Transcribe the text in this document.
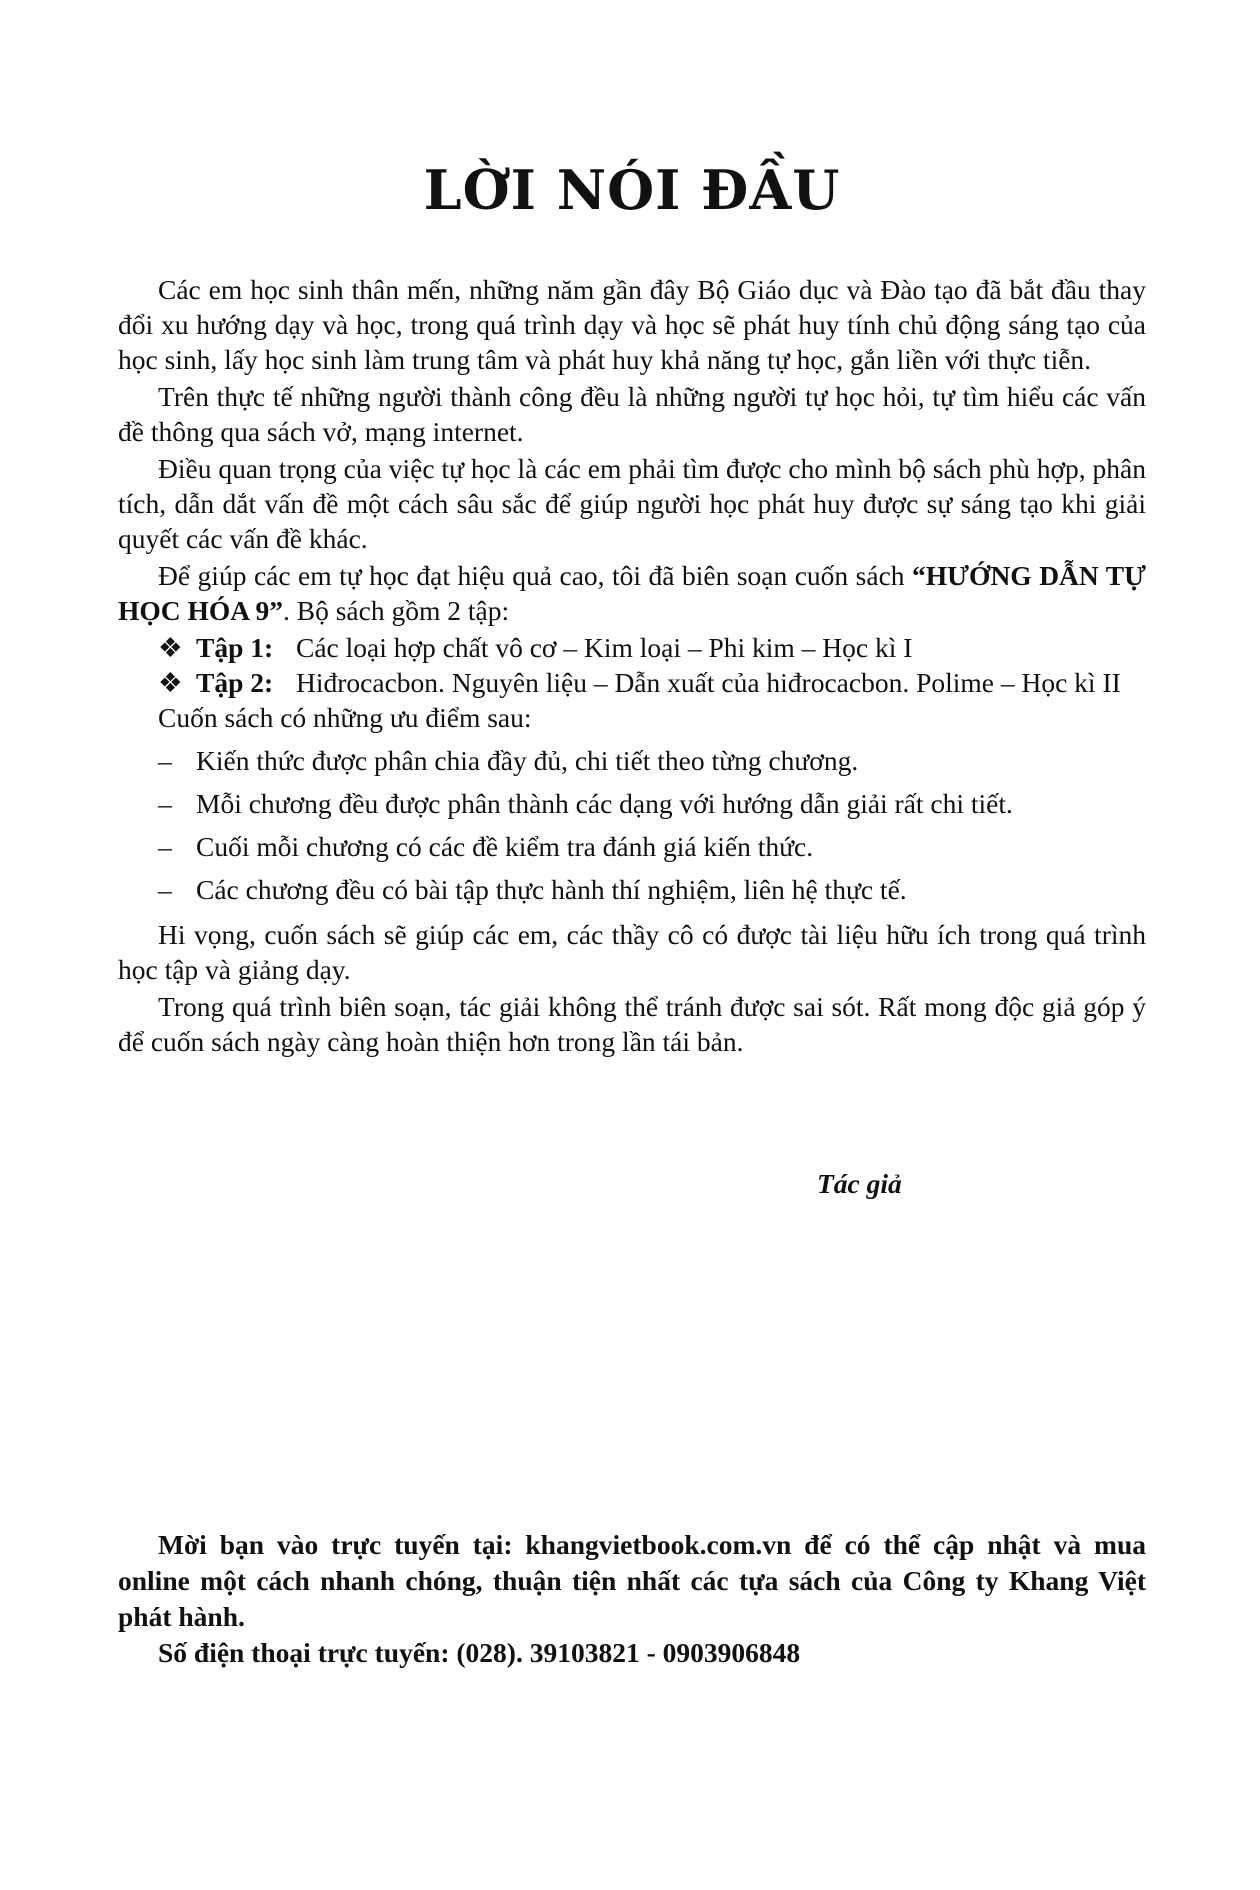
LỜI NÓI ĐẦU

Các em học sinh thân mến, những năm gần đây Bộ Giáo dục và Đào tạo đã bắt đầu thay đổi xu hướng dạy và học, trong quá trình dạy và học sẽ phát huy tính chủ động sáng tạo của học sinh, lấy học sinh làm trung tâm và phát huy khả năng tự học, gắn liền với thực tiễn.

Trên thực tế những người thành công đều là những người tự học hỏi, tự tìm hiểu các vấn đề thông qua sách vở, mạng internet.

Điều quan trọng của việc tự học là các em phải tìm được cho mình bộ sách phù hợp, phân tích, dẫn dắt vấn đề một cách sâu sắc để giúp người học phát huy được sự sáng tạo khi giải quyết các vấn đề khác.

Để giúp các em tự học đạt hiệu quả cao, tôi đã biên soạn cuốn sách “HƯỚNG DẪN TỰ HỌC HÓA 9”. Bộ sách gồm 2 tập:

❖ Tập 1: Các loại hợp chất vô cơ – Kim loại – Phi kim – Học kì I

❖ Tập 2: Hiđrocacbon. Nguyên liệu – Dẫn xuất của hiđrocacbon. Polime – Học kì II

Cuốn sách có những ưu điểm sau:

– Kiến thức được phân chia đầy đủ, chi tiết theo từng chương.

– Mỗi chương đều được phân thành các dạng với hướng dẫn giải rất chi tiết.

– Cuối mỗi chương có các đề kiểm tra đánh giá kiến thức.

– Các chương đều có bài tập thực hành thí nghiệm, liên hệ thực tế.

Hi vọng, cuốn sách sẽ giúp các em, các thầy cô có được tài liệu hữu ích trong quá trình học tập và giảng dạy.

Trong quá trình biên soạn, tác giải không thể tránh được sai sót. Rất mong độc giả góp ý để cuốn sách ngày càng hoàn thiện hơn trong lần tái bản.

Tác giả

Mời bạn vào trực tuyến tại: khangvietbook.com.vn để có thể cập nhật và mua online một cách nhanh chóng, thuận tiện nhất các tựa sách của Công ty Khang Việt phát hành.

Số điện thoại trực tuyến: (028). 39103821 - 0903906848
